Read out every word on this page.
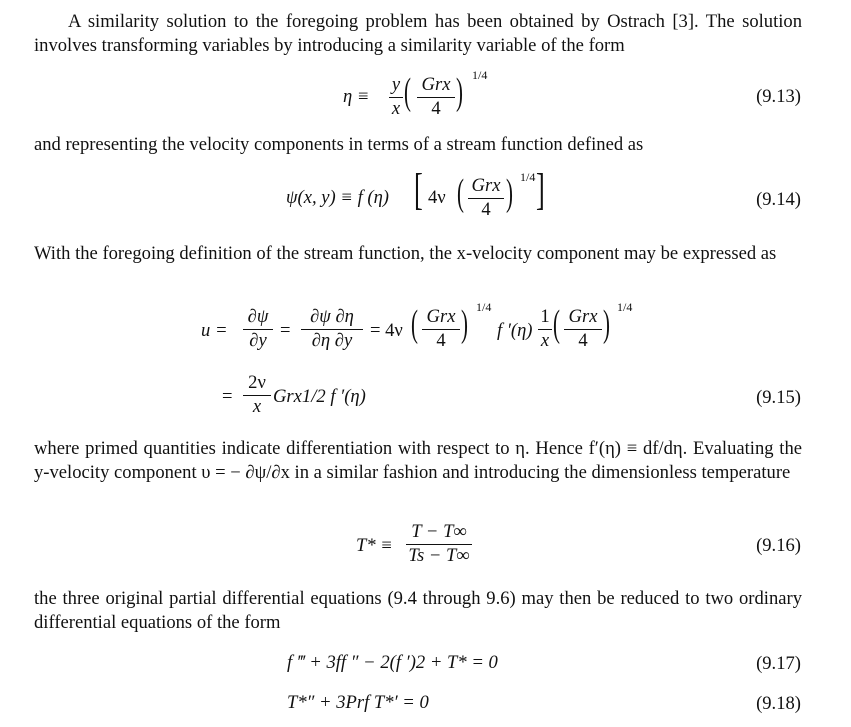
A similarity solution to the foregoing problem has been obtained by Ostrach [3]. The solution involves transforming variables by introducing a similarity variable of the form

η ≡
y
x ( Grx
4 ) 1/4
(9.13)

and representing the velocity components in terms of a stream function defined as

ψ(x, y) ≡ f (η) [ 4ν ( Grx
4 ) 1/4 ]	(9.14)

With the foregoing definition of the stream function, the x-velocity component may be expressed as

u =
∂ψ
∂y =
∂ψ ∂η
∂η ∂y = 4ν ( Grx
4 ) 1/4
f ′(η)
1
x ( Grx
4 ) 1/4
=
2ν
x Grx1/2 f ′(η)	(9.15)

where primed quantities indicate differentiation with respect to η. Hence f′(η) ≡ df/dη. Evaluating the y-velocity component υ = − ∂ψ/∂x in a similar fashion and introducing the dimensionless temperature

T* ≡
T − T∞
Ts − T∞	(9.16)

the three original partial differential equations (9.4 through 9.6) may then be reduced to two ordinary differential equations of the form

f ‴ + 3ff ″ − 2(f ′)2 + T* = 0	(9.17)
T*″ + 3Prf T*′ = 0	(9.18)
